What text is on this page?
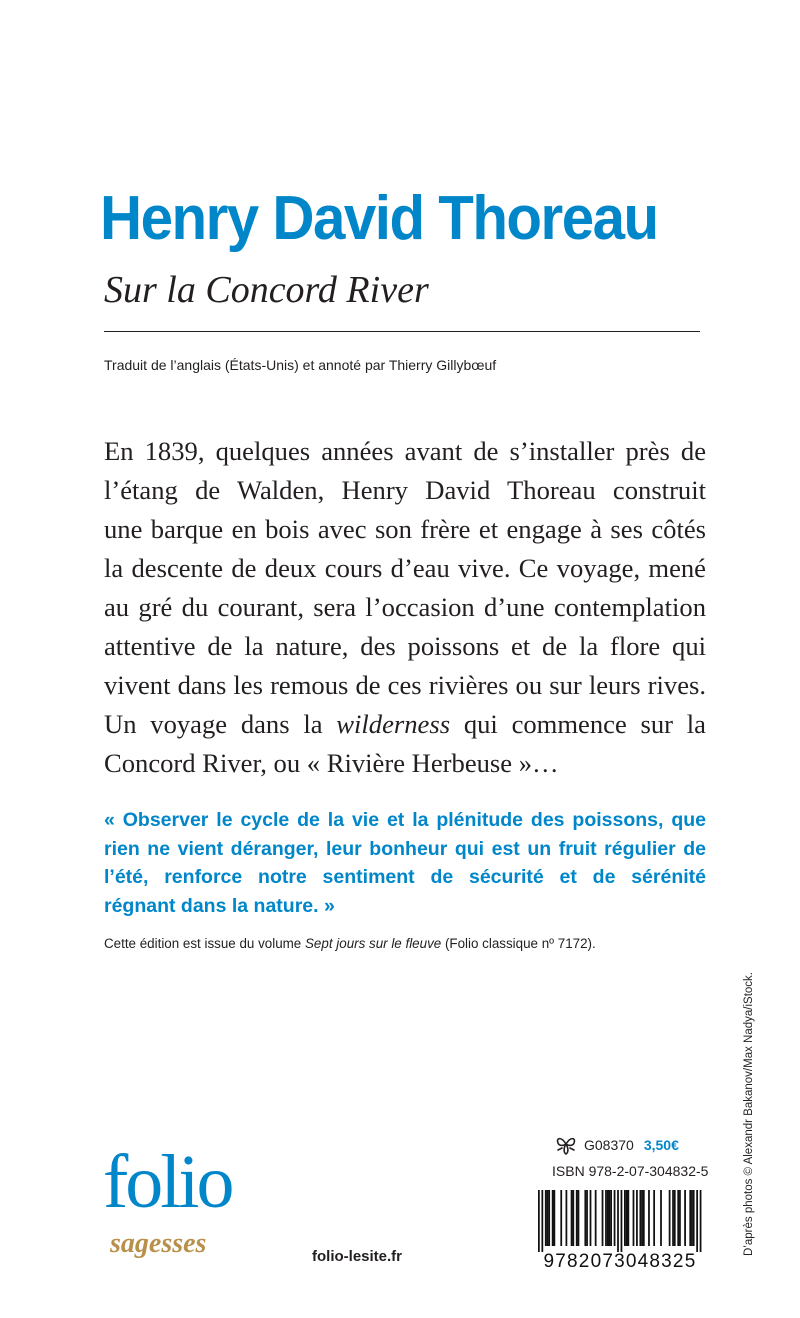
Henry David Thoreau
Sur la Concord River
Traduit de l’anglais (États-Unis) et annoté par Thierry Gillybœuf
En 1839, quelques années avant de s’installer près de
l’étang de Walden, Henry David Thoreau construit
une barque en bois avec son frère et engage à ses côtés
la descente de deux cours d’eau vive. Ce voyage, mené
au gré du courant, sera l’occasion d’une contemplation
attentive de la nature, des poissons et de la flore qui
vivent dans les remous de ces rivières ou sur leurs rives.
Un voyage dans la wilderness qui commence sur la
Concord River, ou « Rivière Herbeuse »…
« Observer le cycle de la vie et la plénitude des poissons, que
rien ne vient déranger, leur bonheur qui est un fruit régulier de
l’été, renforce notre sentiment de sécurité et de sérénité
régnant dans la nature. »
Cette édition est issue du volume Sept jours sur le fleuve (Folio classique nº 7172).
D’après photos © Alexandr Bakanov/Max Nadya/iStock.
folio
sagesses	folio-lesite.fr
G08370 3,50€
ISBN 978-2-07-304832-5
9782073048325
